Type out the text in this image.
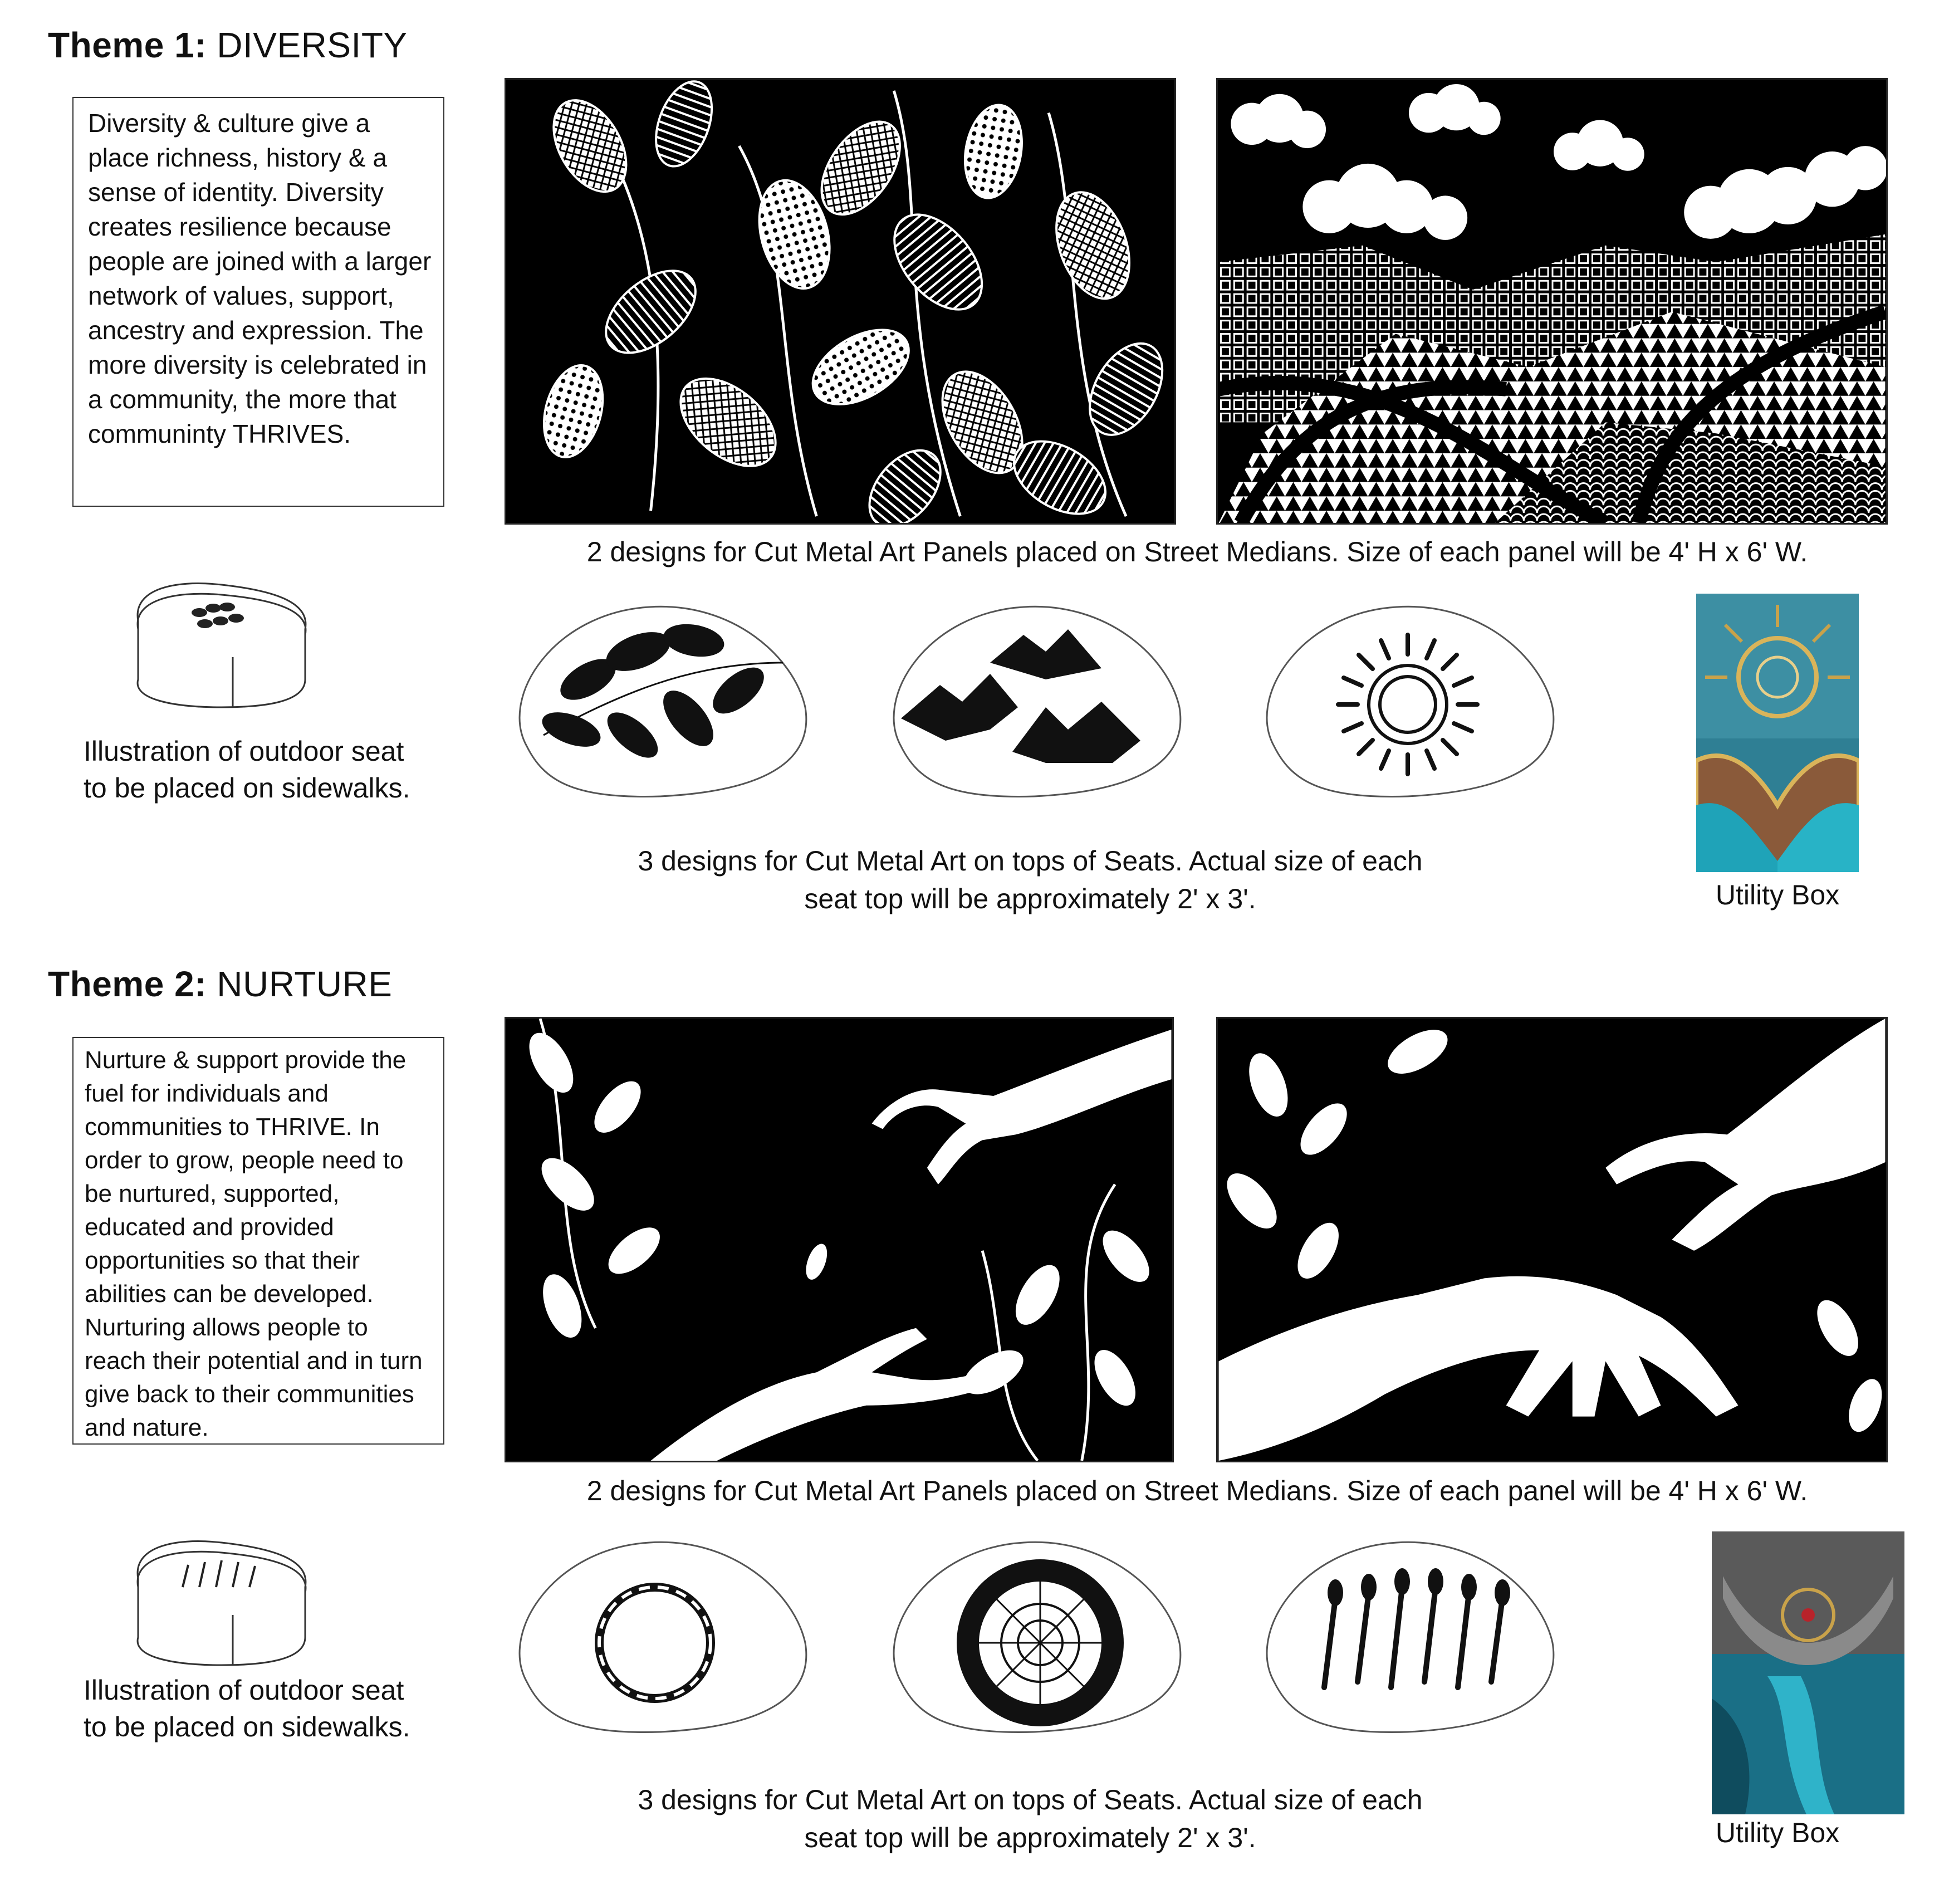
Theme 1: DIVERSITY
Diversity & culture give a place richness, history & a sense of identity. Diversity creates resilience because people are joined with a larger network of values, support, ancestry and expression. The more diversity is celebrated in a community, the more that communinty THRIVES.
2 designs for Cut Metal Art Panels placed on Street Medians. Size of each panel will be 4' H x 6' W.
Illustration of outdoor seat to be placed on sidewalks.
3 designs for Cut Metal Art on tops of Seats. Actual size of each seat top will be approximately 2' x 3'.	Utility Box
Theme 2: NURTURE
Nurture & support provide the fuel for individuals and communities to THRIVE. In order to grow, people need to be nurtured, supported, educated and provided opportunities so that their abilities can be developed. Nurturing allows people to reach their potential and in turn give back to their communities and nature.
2 designs for Cut Metal Art Panels placed on Street Medians. Size of each panel will be 4' H x 6' W.
Illustration of outdoor seat to be placed on sidewalks.
3 designs for Cut Metal Art on tops of Seats. Actual size of each seat top will be approximately 2' x 3'.	Utility Box
